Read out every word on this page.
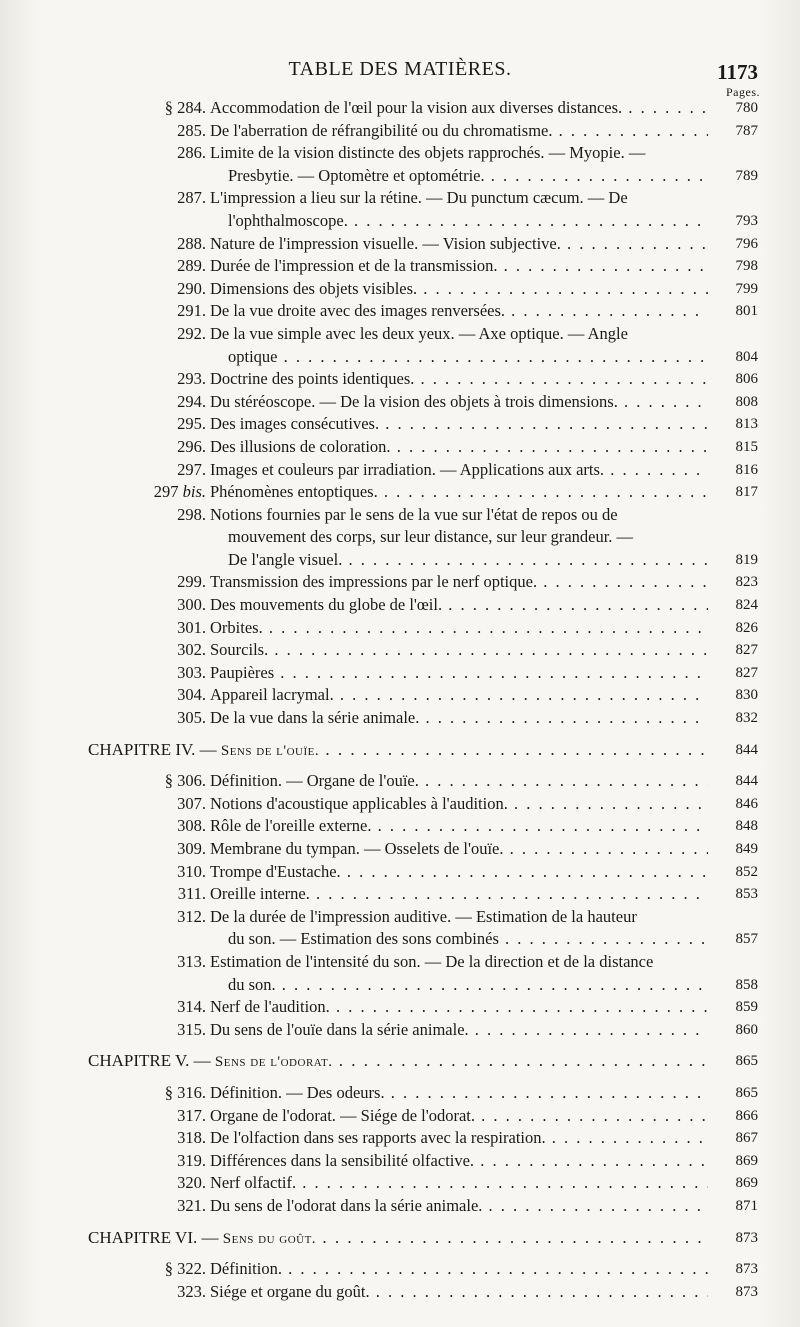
TABLE DES MATIÈRES.	1173
Pages.
§ 284. Accommodation de l'œil pour la vision aux diverses distances. . . .	780
285. De l'aberration de réfrangibilité ou du chromatisme. . . .	787
286. Limite de la vision distincte des objets rapprochés. — Myopie. —
Presbytie. — Optomètre et optométrie. . . .	789
287. L'impression a lieu sur la rétine. — Du punctum cæcum. — De
l'ophthalmoscope. . . .	793
288. Nature de l'impression visuelle. — Vision subjective. . . .	796
289. Durée de l'impression et de la transmission. . . .	798
290. Dimensions des objets visibles. . . .	799
291. De la vue droite avec des images renversées. . . .	801
292. De la vue simple avec les deux yeux. — Axe optique. — Angle
optique . . .	804
293. Doctrine des points identiques. . . .	806
294. Du stéréoscope. — De la vision des objets à trois dimensions. . . .	808
295. Des images consécutives. . . .	813
296. Des illusions de coloration. . . .	815
297. Images et couleurs par irradiation. — Applications aux arts. . . .	816
297 bis. Phénomènes entoptiques. . . .	817
298. Notions fournies par le sens de la vue sur l'état de repos ou de
mouvement des corps, sur leur distance, sur leur grandeur. —
De l'angle visuel. . . .	819
299. Transmission des impressions par le nerf optique. . . .	823
300. Des mouvements du globe de l'œil. . . .	824
301. Orbites. . . .	826
302. Sourcils. . . .	827
303. Paupières . . .	827
304. Appareil lacrymal. . . .	830
305. De la vue dans la série animale. . . .	832
CHAPITRE IV. — Sens de l'ouïe. . . .	844
§ 306. Définition. — Organe de l'ouïe. . . .	844
307. Notions d'acoustique applicables à l'audition. . . .	846
308. Rôle de l'oreille externe. . . .	848
309. Membrane du tympan. — Osselets de l'ouïe. . . .	849
310. Trompe d'Eustache. . . .	852
311. Oreille interne. . . .	853
312. De la durée de l'impression auditive. — Estimation de la hauteur
du son. — Estimation des sons combinés . . .	857
313. Estimation de l'intensité du son. — De la direction et de la distance
du son. . . .	858
314. Nerf de l'audition. . . .	859
315. Du sens de l'ouïe dans la série animale. . . .	860
CHAPITRE V. — Sens de l'odorat. . . .	865
§ 316. Définition. — Des odeurs. . . .	865
317. Organe de l'odorat. — Siége de l'odorat. . . .	866
318. De l'olfaction dans ses rapports avec la respiration. . . .	867
319. Différences dans la sensibilité olfactive. . . .	869
320. Nerf olfactif. . . .	869
321. Du sens de l'odorat dans la série animale. . . .	871
CHAPITRE VI. — Sens du goût. . . .	873
§ 322. Définition. . . .	873
323. Siége et organe du goût. . . .	873
